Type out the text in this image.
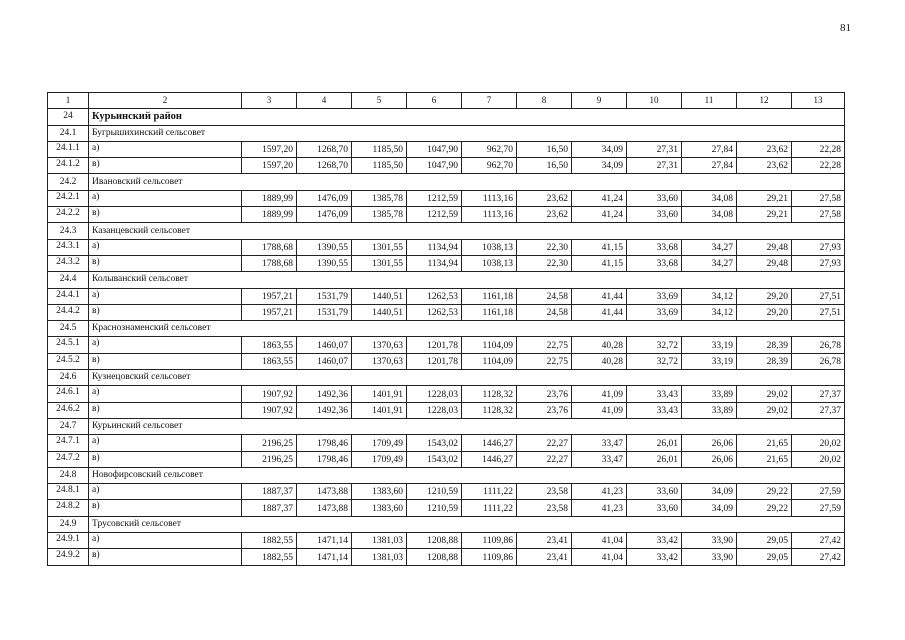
81
1	2	3	4	5	6	7	8	9	10	11	12	13
24	Курьинский район											
24.1	Бугрышихинский сельсовет											
24.1.1	а)	1597,20	1268,70	1185,50	1047,90	962,70	16,50	34,09	27,31	27,84	23,62	22,28
24.1.2	в)	1597,20	1268,70	1185,50	1047,90	962,70	16,50	34,09	27,31	27,84	23,62	22,28
24.2	Ивановский сельсовет											
24.2.1	а)	1889,99	1476,09	1385,78	1212,59	1113,16	23,62	41,24	33,60	34,08	29,21	27,58
24.2.2	в)	1889,99	1476,09	1385,78	1212,59	1113,16	23,62	41,24	33,60	34,08	29,21	27,58
24.3	Казанцевский сельсовет											
24.3.1	а)	1788,68	1390,55	1301,55	1134,94	1038,13	22,30	41,15	33,68	34,27	29,48	27,93
24.3.2	в)	1788,68	1390,55	1301,55	1134,94	1038,13	22,30	41,15	33,68	34,27	29,48	27,93
24.4	Колыванский сельсовет											
24.4.1	а)	1957,21	1531,79	1440,51	1262,53	1161,18	24,58	41,44	33,69	34,12	29,20	27,51
24.4.2	в)	1957,21	1531,79	1440,51	1262,53	1161,18	24,58	41,44	33,69	34,12	29,20	27,51
24.5	Краснознаменский сельсовет											
24.5.1	а)	1863,55	1460,07	1370,63	1201,78	1104,09	22,75	40,28	32,72	33,19	28,39	26,78
24.5.2	в)	1863,55	1460,07	1370,63	1201,78	1104,09	22,75	40,28	32,72	33,19	28,39	26,78
24.6	Кузнецовский сельсовет											
24.6.1	а)	1907,92	1492,36	1401,91	1228,03	1128,32	23,76	41,09	33,43	33,89	29,02	27,37
24.6.2	в)	1907,92	1492,36	1401,91	1228,03	1128,32	23,76	41,09	33,43	33,89	29,02	27,37
24.7	Курьинский сельсовет											
24.7.1	а)	2196,25	1798,46	1709,49	1543,02	1446,27	22,27	33,47	26,01	26,06	21,65	20,02
24.7.2	в)	2196,25	1798,46	1709,49	1543,02	1446,27	22,27	33,47	26,01	26,06	21,65	20,02
24.8	Новофирсовский сельсовет											
24.8.1	а)	1887,37	1473,88	1383,60	1210,59	1111,22	23,58	41,23	33,60	34,09	29,22	27,59
24.8.2	в)	1887,37	1473,88	1383,60	1210,59	1111,22	23,58	41,23	33,60	34,09	29,22	27,59
24.9	Трусовский сельсовет											
24.9.1	а)	1882,55	1471,14	1381,03	1208,88	1109,86	23,41	41,04	33,42	33,90	29,05	27,42
24.9.2	в)	1882,55	1471,14	1381,03	1208,88	1109,86	23,41	41,04	33,42	33,90	29,05	27,42
